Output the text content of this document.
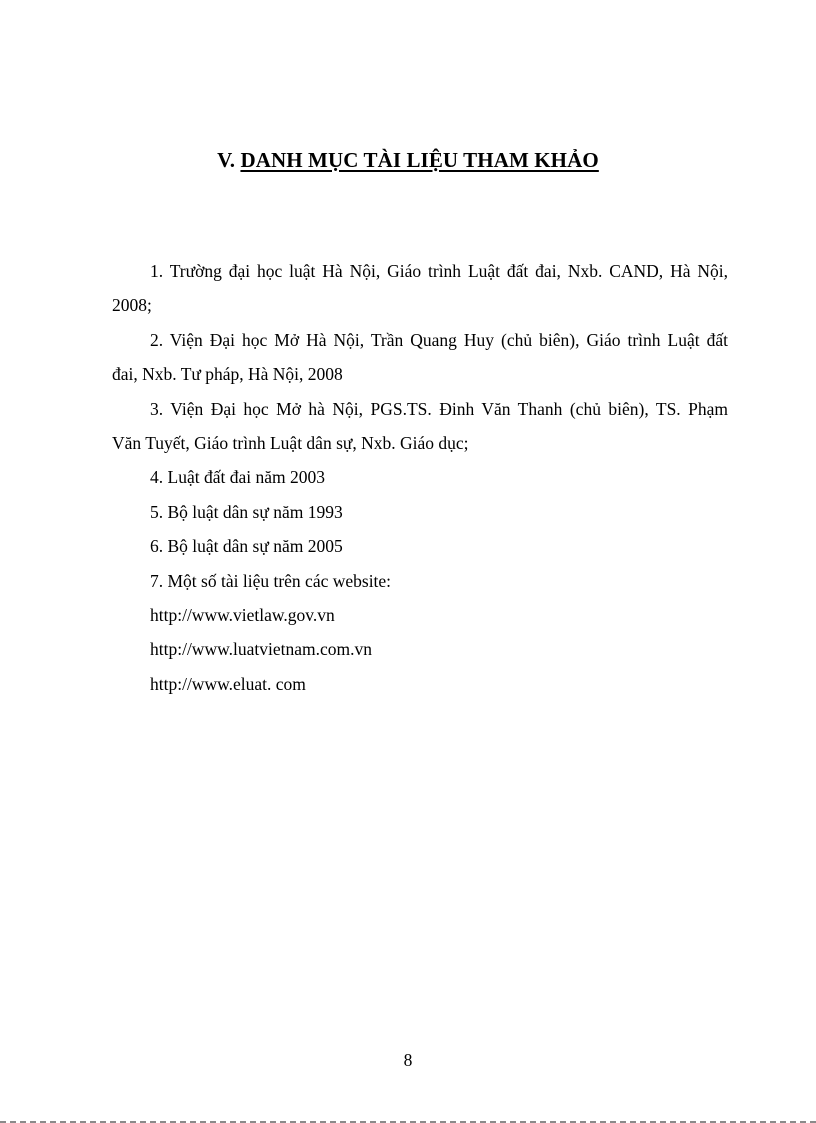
V. DANH MỤC TÀI LIỆU THAM KHẢO

1. Trường đại học luật Hà Nội, Giáo trình Luật đất đai, Nxb. CAND, Hà Nội,
2008;

2. Viện Đại học Mở Hà Nội, Trần Quang Huy (chủ biên), Giáo trình Luật đất
đai, Nxb. Tư pháp, Hà Nội, 2008

3. Viện Đại học Mở hà Nội, PGS.TS. Đinh Văn Thanh (chủ biên), TS. Phạm
Văn Tuyết, Giáo trình Luật dân sự, Nxb. Giáo dục;

4. Luật đất đai năm 2003

5. Bộ luật dân sự năm 1993

6. Bộ luật dân sự năm 2005

7. Một số tài liệu trên các website:

http://www.vietlaw.gov.vn

http://www.luatvietnam.com.vn

http://www.eluat. com

8
